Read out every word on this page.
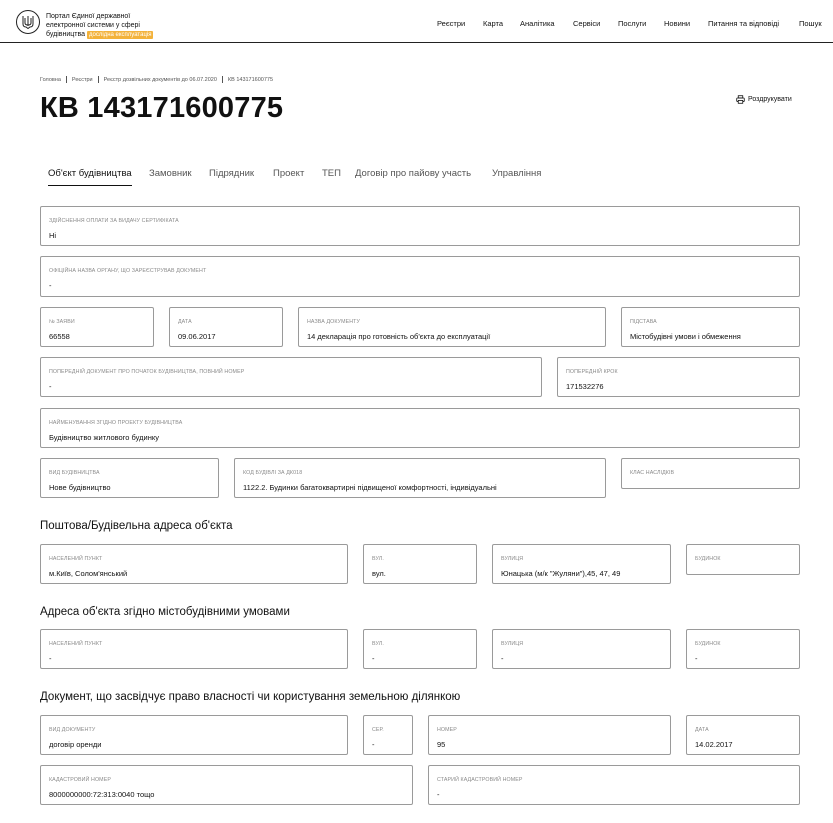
Портал Єдиної державної
електронної системи у сфері
будівництва дослідна експлуатація
Реєстри Карта Аналітика Сервіси Послуги Новини Питання та відповіді	Пошук
Головна Реєстри Реєстр дозвільних документів до 06.07.2020 КВ 143171600775
КВ 143171600775	Роздрукувати
Об'єкт будівництва Замовник Підрядник Проект ТЕП Договір про пайову участь Управління
ЗДІЙСНЕННЯ ОПЛАТИ ЗА ВИДАЧУ СЕРТИФІКАТА
Ні
ОФІЦІЙНА НАЗВА ОРГАНУ, ЩО ЗАРЕЄСТРУВАВ ДОКУМЕНТ
-
№ ЗАЯВИ
66558
ДАТА
09.06.2017
НАЗВА ДОКУМЕНТУ
14 декларація про готовність об'єкта до експлуатації
ПІДСТАВА
Містобудівні умови і обмеження
ПОПЕРЕДНІЙ ДОКУМЕНТ ПРО ПОЧАТОК БУДІВНИЦТВА, ПОВНИЙ НОМЕР
-
ПОПЕРЕДНІЙ КРОК
171532276
НАЙМЕНУВАННЯ ЗГІДНО ПРОЕКТУ БУДІВНИЦТВА
Будівництво житлового будинку
ВИД БУДІВНИЦТВА
Нове будівництво
КОД БУДІВЛІ ЗА ДК018
1122.2. Будинки багатоквартирні підвищеної комфортності, індивідуальні
КЛАС НАСЛІДКІВ
Поштова/Будівельна адреса об'єкта
НАСЕЛЕНИЙ ПУНКТ
м.Київ, Солом'янський
ВУЛ.
вул.
ВУЛИЦЯ
Юнацька (м/к "Жуляни"),45, 47, 49
БУДИНОК
Адреса об'єкта згідно містобудівними умовами
НАСЕЛЕНИЙ ПУНКТ
-
ВУЛ.
-
ВУЛИЦЯ
-
БУДИНОК
-
Документ, що засвідчує право власності чи користування земельною ділянкою
ВИД ДОКУМЕНТУ
договір оренди
СЕР.
-
НОМЕР
95
ДАТА
14.02.2017
КАДАСТРОВИЙ НОМЕР
8000000000:72:313:0040 тощо
СТАРИЙ КАДАСТРОВИЙ НОМЕР
-
